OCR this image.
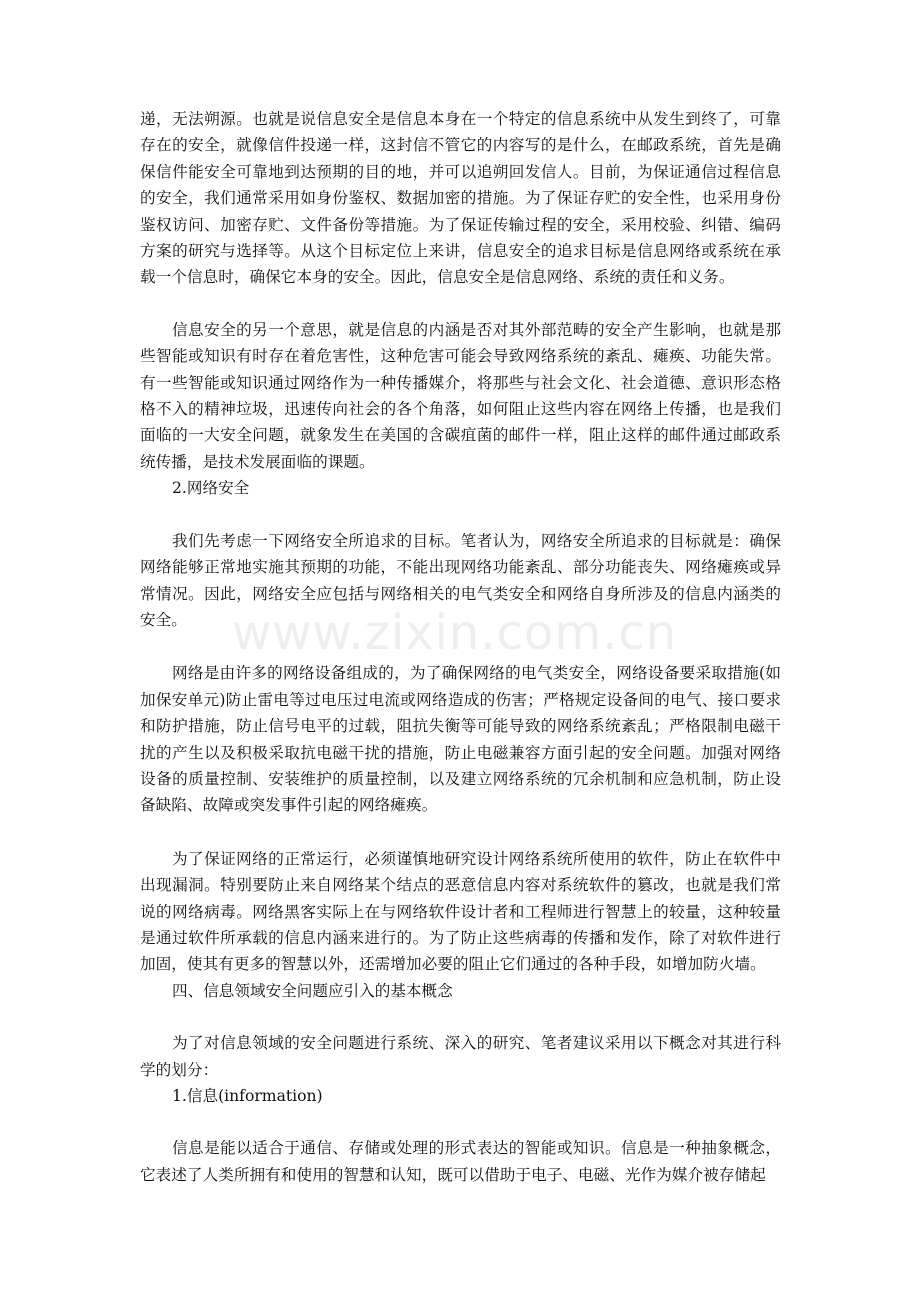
递，无法朔源。也就是说信息安全是信息本身在一个特定的信息系统中从发生到终了，可靠存在的安全，就像信件投递一样，这封信不管它的内容写的是什么，在邮政系统，首先是确保信件能安全可靠地到达预期的目的地，并可以追朔回发信人。目前，为保证通信过程信息的安全，我们通常采用如身份鉴权、数据加密的措施。为了保证存贮的安全性，也采用身份鉴权访问、加密存贮、文件备份等措施。为了保证传输过程的安全，采用校验、纠错、编码方案的研究与选择等。从这个目标定位上来讲，信息安全的追求目标是信息网络或系统在承载一个信息时，确保它本身的安全。因此，信息安全是信息网络、系统的责任和义务。

信息安全的另一个意思，就是信息的内涵是否对其外部范畴的安全产生影响，也就是那些智能或知识有时存在着危害性，这种危害可能会导致网络系统的紊乱、瘫痪、功能失常。有一些智能或知识通过网络作为一种传播媒介，将那些与社会文化、社会道德、意识形态格格不入的精神垃圾，迅速传向社会的各个角落，如何阻止这些内容在网络上传播，也是我们面临的一大安全问题，就象发生在美国的含碳疽菌的邮件一样，阻止这样的邮件通过邮政系统传播，是技术发展面临的课题。

2.网络安全

我们先考虑一下网络安全所追求的目标。笔者认为，网络安全所追求的目标就是：确保网络能够正常地实施其预期的功能，不能出现网络功能紊乱、部分功能丧失、网络瘫痪或异常情况。因此，网络安全应包括与网络相关的电气类安全和网络自身所涉及的信息内涵类的安全。

网络是由许多的网络设备组成的，为了确保网络的电气类安全，网络设备要采取措施(如加保安单元)防止雷电等过电压过电流或网络造成的伤害；严格规定设备间的电气、接口要求和防护措施，防止信号电平的过载，阻抗失衡等可能导致的网络系统紊乱；严格限制电磁干扰的产生以及积极采取抗电磁干扰的措施，防止电磁兼容方面引起的安全问题。加强对网络设备的质量控制、安装维护的质量控制，以及建立网络系统的冗余机制和应急机制，防止设备缺陷、故障或突发事件引起的网络瘫痪。

为了保证网络的正常运行，必须谨慎地研究设计网络系统所使用的软件，防止在软件中出现漏洞。特别要防止来自网络某个结点的恶意信息内容对系统软件的篡改，也就是我们常说的网络病毒。网络黑客实际上在与网络软件设计者和工程师进行智慧上的较量，这种较量是通过软件所承载的信息内涵来进行的。为了防止这些病毒的传播和发作，除了对软件进行加固，使其有更多的智慧以外，还需增加必要的阻止它们通过的各种手段，如增加防火墙。

四、信息领域安全问题应引入的基本概念

为了对信息领域的安全问题进行系统、深入的研究、笔者建议采用以下概念对其进行科学的划分：

1.信息(information)

信息是能以适合于通信、存储或处理的形式表达的智能或知识。信息是一种抽象概念，它表述了人类所拥有和使用的智慧和认知，既可以借助于电子、电磁、光作为媒介被存储起

www.zixin.com.cn
